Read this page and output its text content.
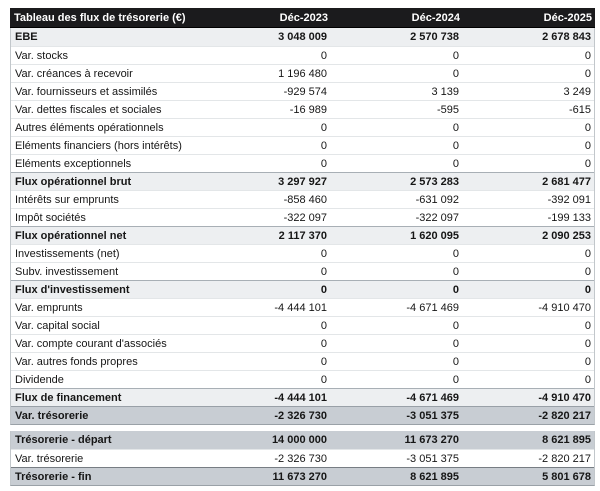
Tableau des flux de trésorerie (€)	Déc-2023	Déc-2024	Déc-2025
EBE	3 048 009	2 570 738	2 678 843
Var. stocks	0	0	0
Var. créances à recevoir	1 196 480	0	0
Var. fournisseurs et assimilés	-929 574	3 139	3 249
Var. dettes fiscales et sociales	-16 989	-595	-615
Autres éléments opérationnels	0	0	0
Eléments financiers (hors intérêts)	0	0	0
Eléments exceptionnels	0	0	0
Flux opérationnel brut	3 297 927	2 573 283	2 681 477
Intérêts sur emprunts	-858 460	-631 092	-392 091
Impôt sociétés	-322 097	-322 097	-199 133
Flux opérationnel net	2 117 370	1 620 095	2 090 253
Investissements (net)	0	0	0
Subv. investissement	0	0	0
Flux d'investissement	0	0	0
Var. emprunts	-4 444 101	-4 671 469	-4 910 470
Var. capital social	0	0	0
Var. compte courant d'associés	0	0	0
Var. autres fonds propres	0	0	0
Dividende	0	0	0
Flux de financement	-4 444 101	-4 671 469	-4 910 470
Var. trésorerie	-2 326 730	-3 051 375	-2 820 217
Trésorerie - départ	14 000 000	11 673 270	8 621 895
Var. trésorerie	-2 326 730	-3 051 375	-2 820 217
Trésorerie - fin	11 673 270	8 621 895	5 801 678
